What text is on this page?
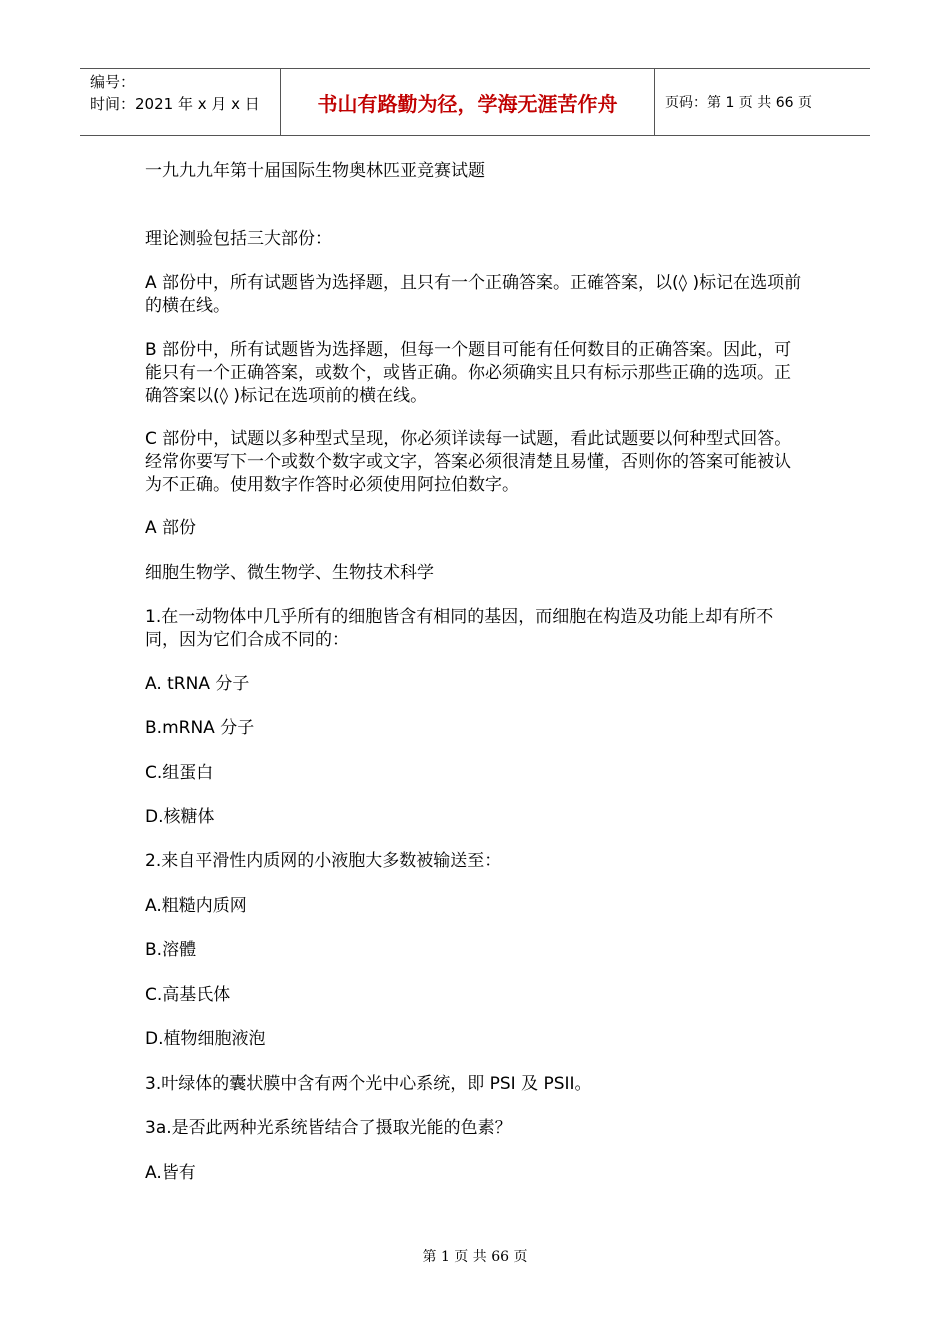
编号：
时间：2021 年 x 月 x 日	书山有路勤为径，学海无涯苦作舟	页码：第 1 页 共 66 页

一九九九年第十届国际生物奥林匹亚竞赛试题

理论测验包括三大部份：

A 部份中，所有试题皆为选择题，且只有一个正确答案。正確答案，以(◊ )标记在选项前的横在线。

B 部份中，所有试题皆为选择题，但每一个题目可能有任何数目的正确答案。因此，可能只有一个正确答案，或数个，或皆正确。你必须确实且只有标示那些正确的选项。正确答案以(◊ )标记在选项前的横在线。

C 部份中，试题以多种型式呈现，你必须详读每一试题，看此试题要以何种型式回答。经常你要写下一个或数个数字或文字，答案必须很清楚且易懂，否则你的答案可能被认为不正确。使用数字作答时必须使用阿拉伯数字。

A 部份

细胞生物学、微生物学、生物技术科学

1.在一动物体中几乎所有的细胞皆含有相同的基因，而细胞在构造及功能上却有所不同，因为它们合成不同的：

A. tRNA 分子

B.mRNA 分子

C.组蛋白

D.核糖体

2.来自平滑性内质网的小液胞大多数被输送至：

A.粗糙内质网

B.溶體

C.高基氏体

D.植物细胞液泡

3.叶绿体的囊状膜中含有两个光中心系统，即 PSI 及 PSII。

3a.是否此两种光系统皆结合了摄取光能的色素？

A.皆有

第 1 页 共 66 页
